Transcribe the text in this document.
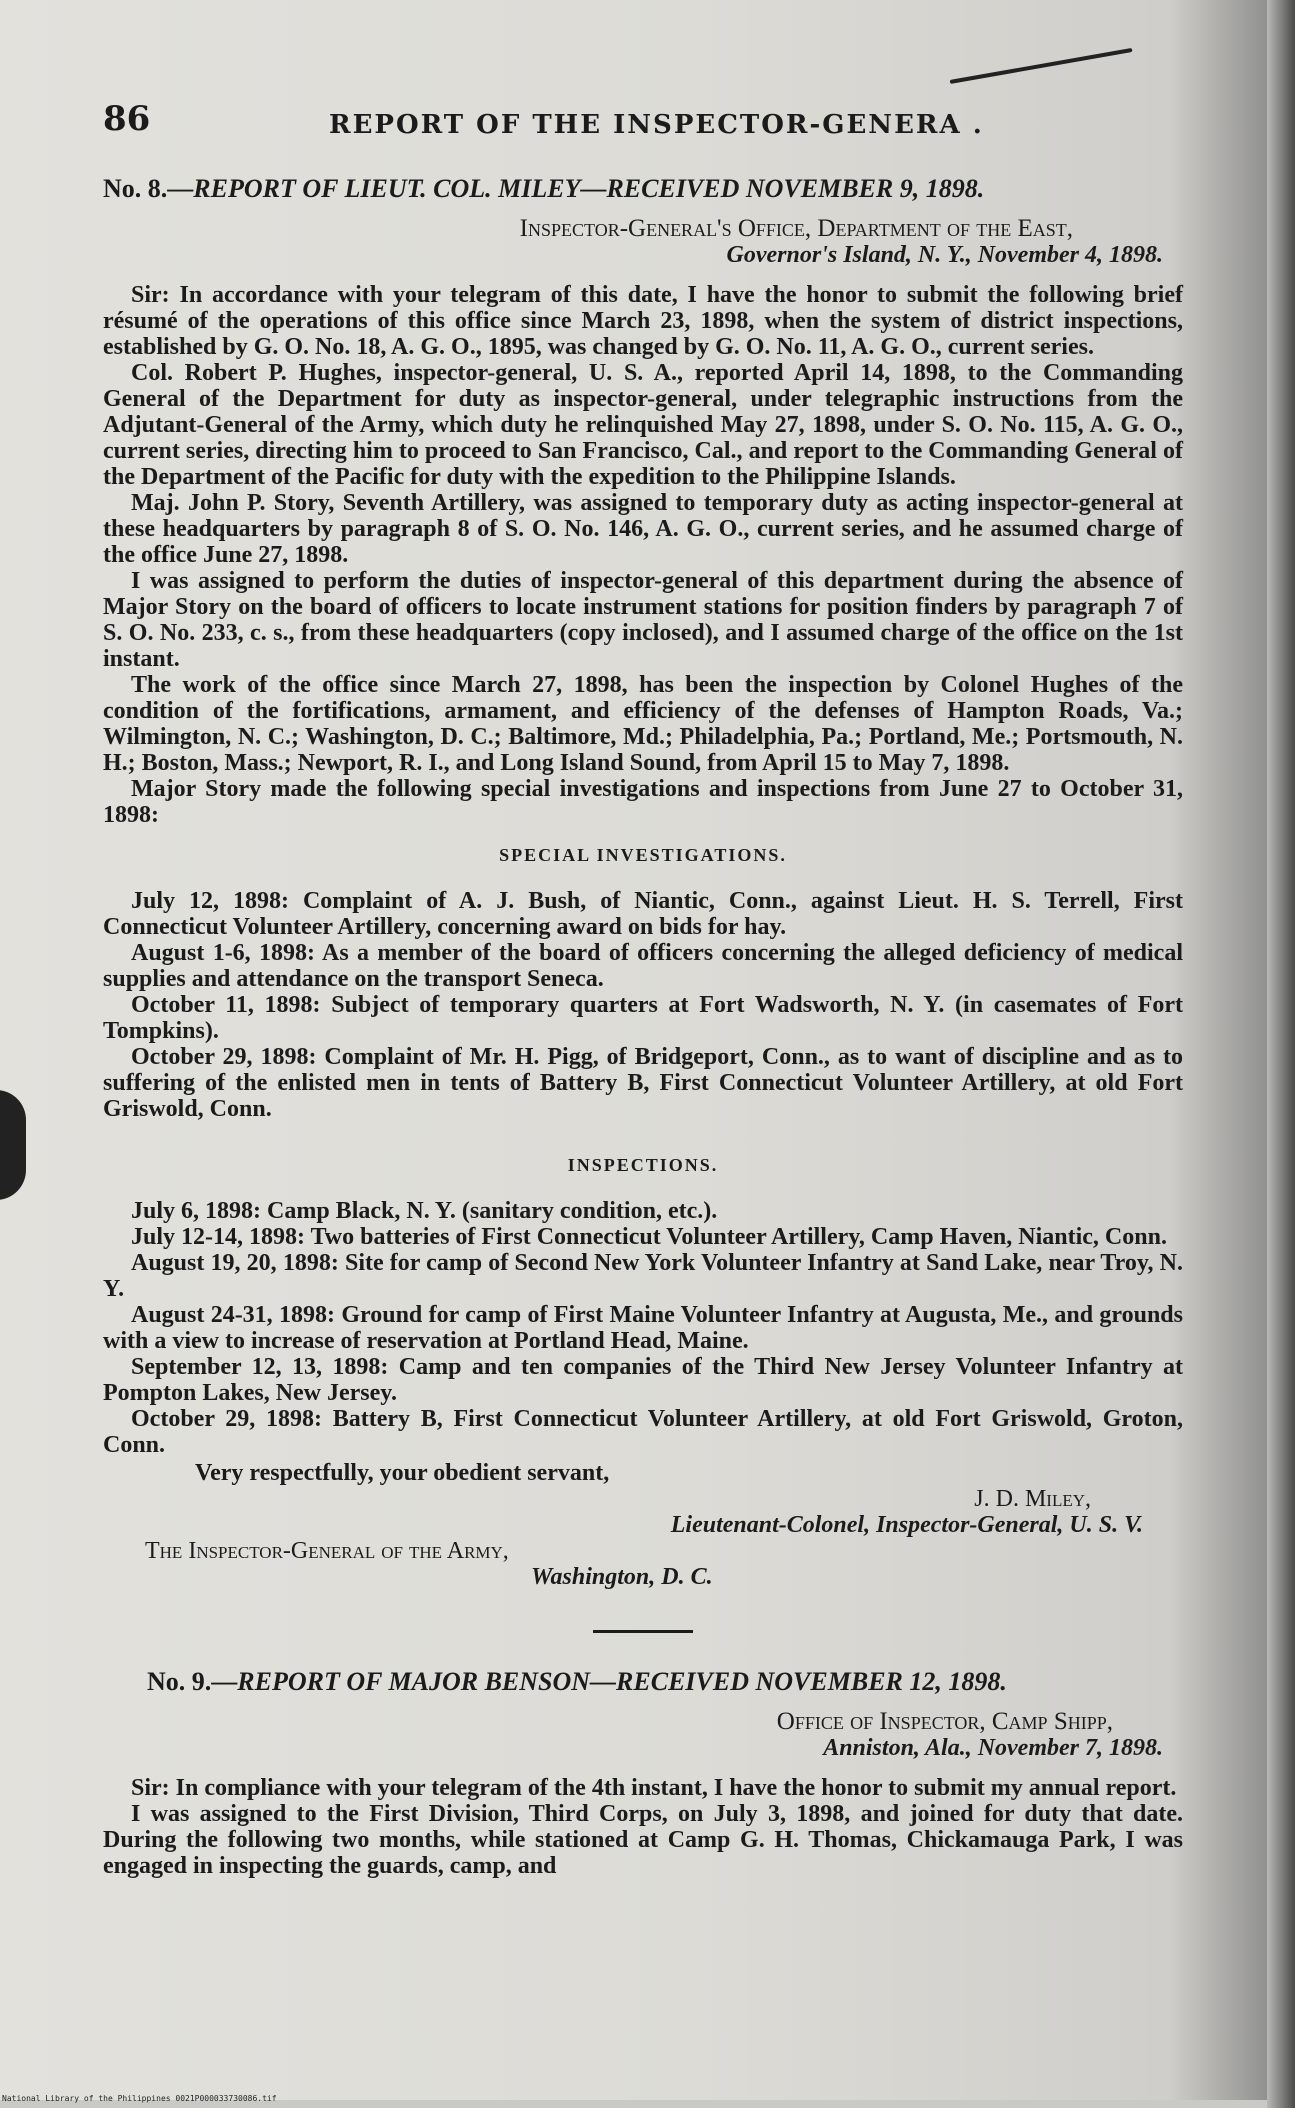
86	REPORT OF THE INSPECTOR-GENERA .
No. 8.—REPORT OF LIEUT. COL. MILEY—RECEIVED NOVEMBER 9, 1898.
Inspector-General's Office, Department of the East,
Governor's Island, N. Y., November 4, 1898.

Sir: In accordance with your telegram of this date, I have the honor to submit the following brief résumé of the operations of this office since March 23, 1898, when the system of district inspections, established by G. O. No. 18, A. G. O., 1895, was changed by G. O. No. 11, A. G. O., current series.

Col. Robert P. Hughes, inspector-general, U. S. A., reported April 14, 1898, to the Commanding General of the Department for duty as inspector-general, under telegraphic instructions from the Adjutant-General of the Army, which duty he relinquished May 27, 1898, under S. O. No. 115, A. G. O., current series, directing him to proceed to San Francisco, Cal., and report to the Commanding General of the Department of the Pacific for duty with the expedition to the Philippine Islands.

Maj. John P. Story, Seventh Artillery, was assigned to temporary duty as acting inspector-general at these headquarters by paragraph 8 of S. O. No. 146, A. G. O., current series, and he assumed charge of the office June 27, 1898.

I was assigned to perform the duties of inspector-general of this department during the absence of Major Story on the board of officers to locate instrument stations for position finders by paragraph 7 of S. O. No. 233, c. s., from these headquarters (copy inclosed), and I assumed charge of the office on the 1st instant.

The work of the office since March 27, 1898, has been the inspection by Colonel Hughes of the condition of the fortifications, armament, and efficiency of the defenses of Hampton Roads, Va.; Wilmington, N. C.; Washington, D. C.; Baltimore, Md.; Philadelphia, Pa.; Portland, Me.; Portsmouth, N. H.; Boston, Mass.; Newport, R. I., and Long Island Sound, from April 15 to May 7, 1898.

Major Story made the following special investigations and inspections from June 27 to October 31, 1898:

SPECIAL INVESTIGATIONS.

July 12, 1898: Complaint of A. J. Bush, of Niantic, Conn., against Lieut. H. S. Terrell, First Connecticut Volunteer Artillery, concerning award on bids for hay.

August 1-6, 1898: As a member of the board of officers concerning the alleged deficiency of medical supplies and attendance on the transport Seneca.

October 11, 1898: Subject of temporary quarters at Fort Wadsworth, N. Y. (in casemates of Fort Tompkins).

October 29, 1898: Complaint of Mr. H. Pigg, of Bridgeport, Conn., as to want of discipline and as to suffering of the enlisted men in tents of Battery B, First Connecticut Volunteer Artillery, at old Fort Griswold, Conn.

INSPECTIONS.

July 6, 1898: Camp Black, N. Y. (sanitary condition, etc.).

July 12-14, 1898: Two batteries of First Connecticut Volunteer Artillery, Camp Haven, Niantic, Conn.

August 19, 20, 1898: Site for camp of Second New York Volunteer Infantry at Sand Lake, near Troy, N. Y.

August 24-31, 1898: Ground for camp of First Maine Volunteer Infantry at Augusta, Me., and grounds with a view to increase of reservation at Portland Head, Maine.

September 12, 13, 1898: Camp and ten companies of the Third New Jersey Volunteer Infantry at Pompton Lakes, New Jersey.

October 29, 1898: Battery B, First Connecticut Volunteer Artillery, at old Fort Griswold, Groton, Conn.

Very respectfully, your obedient servant,
J. D. Miley,
Lieutenant-Colonel, Inspector-General, U. S. V.
The Inspector-General of the Army,
Washington, D. C.
No. 9.—REPORT OF MAJOR BENSON—RECEIVED NOVEMBER 12, 1898.
Office of Inspector, Camp Shipp,
Anniston, Ala., November 7, 1898.

Sir: In compliance with your telegram of the 4th instant, I have the honor to submit my annual report.

I was assigned to the First Division, Third Corps, on July 3, 1898, and joined for duty that date. During the following two months, while stationed at Camp G. H. Thomas, Chickamauga Park, I was engaged in inspecting the guards, camp, and

National Library of the Philippines 0021P000033730086.tif
